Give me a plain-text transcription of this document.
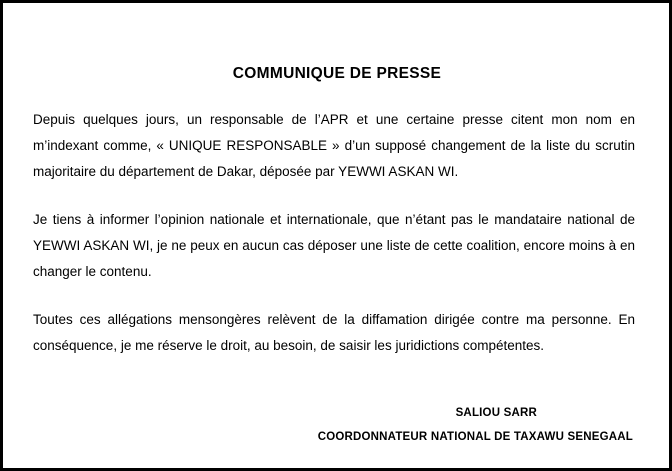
COMMUNIQUE DE PRESSE

Depuis quelques jours, un responsable de l’APR et une certaine presse citent mon nom en m’indexant comme, « UNIQUE RESPONSABLE » d’un supposé changement de la liste du scrutin majoritaire du département de Dakar, déposée par YEWWI ASKAN WI.

Je tiens à informer l’opinion nationale et internationale, que n’étant pas le mandataire national de YEWWI ASKAN WI, je ne peux en aucun cas déposer une liste de cette coalition, encore moins à en changer le contenu.

Toutes ces allégations mensongères relèvent de la diffamation dirigée contre ma personne. En conséquence, je me réserve le droit, au besoin, de saisir les juridictions compétentes.

SALIOU SARR

COORDONNATEUR NATIONAL DE TAXAWU SENEGAAL
